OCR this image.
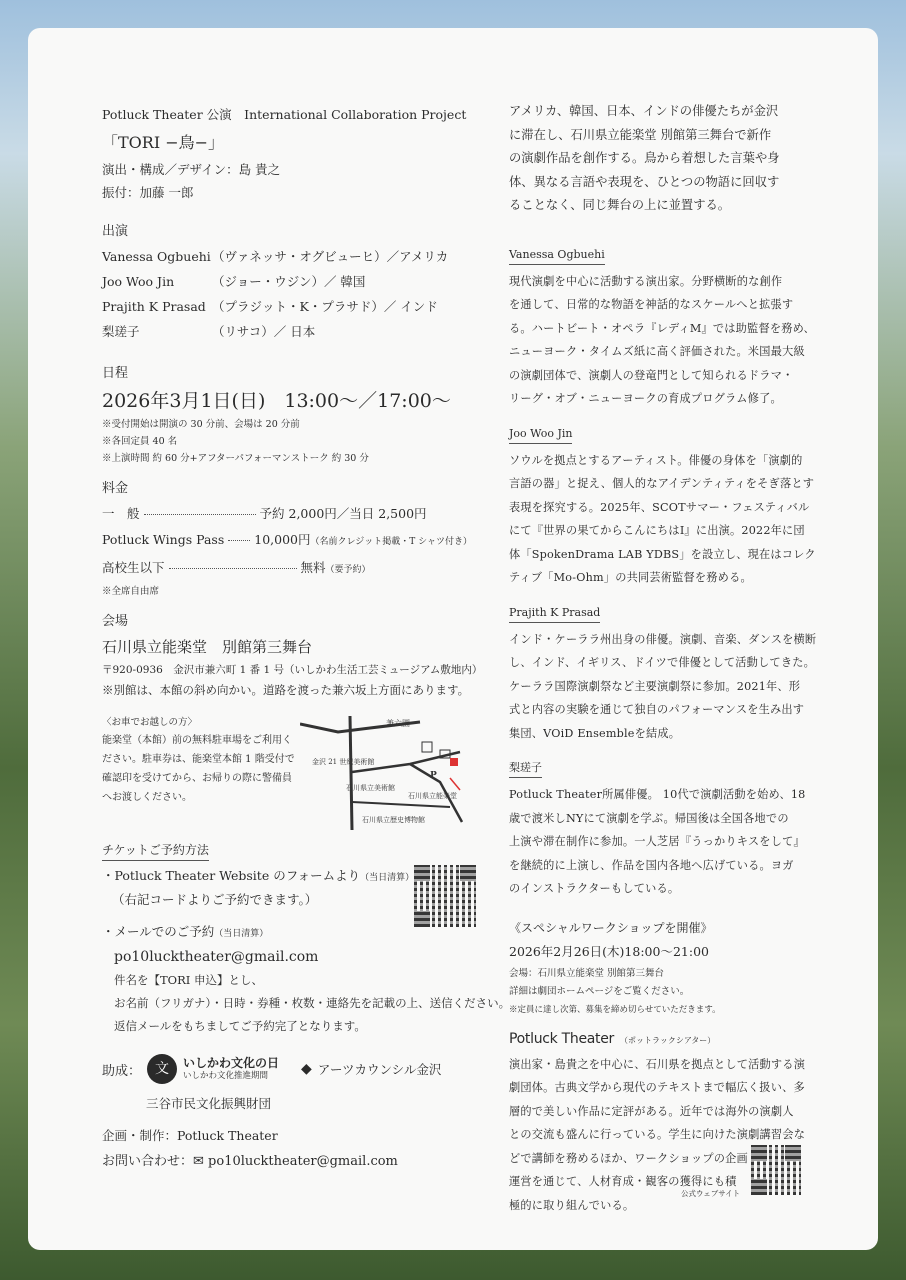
Potluck Theater 公演　International Collaboration Project

「TORI −鳥−」

演出・構成／デザイン：島 貴之

振付：加藤 一郎

出演

Vanessa Ogbuehi （ヴァネッサ・オグビューヒ）／アメリカ
Joo Woo Jin	（ジョー・ウジン）／ 韓国
Prajith K Prasad （プラジット・K・プラサド）／ インド
梨瑳子	（リサコ）／ 日本

日程

2026年3月1日(日)　13:00〜／17:00〜

※受付開始は開演の 30 分前、会場は 20 分前

※各回定員 40 名

※上演時間 約 60 分+アフターパフォーマンストーク 約 30 分

料金

一　般	予約 2,000円／当日 2,500円
Potluck Wings Pass 10,000円 （名前クレジット掲載・T シャツ付き）
高校生以下	無料 （要予約）

※全席自由席

会場

石川県立能楽堂　別館第三舞台

〒920-0936　金沢市兼六町 1 番 1 号（いしかわ生活工芸ミュージアム敷地内）

※別館は、本館の斜め向かい。道路を渡った兼六坂上方面にあります。

〈お車でお越しの方〉

能楽堂（本館）前の無料駐車場をご利用く

ださい。駐車券は、能楽堂本館 1 階受付で

確認印を受けてから、お帰りの際に警備員

へお渡しください。

兼六園
金沢 21 世紀美術館
石川県立美術館
石川県立能楽堂
石川県立歴史博物館
P
チケットご予約方法

・Potluck Theater Website のフォームより（当日清算）

（右記コードよりご予約できます。）

・メールでのご予約（当日清算）

po10lucktheater@gmail.com

件名を【TORI 申込】とし、

お名前（フリガナ）・日時・券種・枚数・連絡先を記載の上、送信ください。

返信メールをもちましてご予約完了となります。

助成：	文	いしかわ文化の日
いしかわ文化推進期間	◆ アーツカウンシル金沢

三谷市民文化振興財団

企画・制作：Potluck Theater

お問い合わせ：✉ po10lucktheater@gmail.com

アメリカ、韓国、日本、インドの俳優たちが金沢

に滞在し、石川県立能楽堂 別館第三舞台で新作

の演劇作品を創作する。鳥から着想した言葉や身

体、異なる言語や表現を、ひとつの物語に回収す

ることなく、同じ舞台の上に並置する。

Vanessa Ogbuehi

現代演劇を中心に活動する演出家。分野横断的な創作

を通して、日常的な物語を神話的なスケールへと拡張す

る。ハートビート・オペラ『レディM』では助監督を務め、

ニューヨーク・タイムズ紙に高く評価された。米国最大級

の演劇団体で、演劇人の登竜門として知られるドラマ・

リーグ・オブ・ニューヨークの育成プログラム修了。

Joo Woo Jin

ソウルを拠点とするアーティスト。俳優の身体を「演劇的

言語の器」と捉え、個人的なアイデンティティをそぎ落とす

表現を探究する。2025年、SCOTサマー・フェスティバル

にて『世界の果てからこんにちはⅠ』に出演。2022年に団

体「SpokenDrama LAB YDBS」を設立し、現在はコレク

ティブ「Mo-Ohm」の共同芸術監督を務める。

Prajith K Prasad

インド・ケーララ州出身の俳優。演劇、音楽、ダンスを横断

し、インド、イギリス、ドイツで俳優として活動してきた。

ケーララ国際演劇祭など主要演劇祭に参加。2021年、形

式と内容の実験を通じて独自のパフォーマンスを生み出す

集団、VOiD Ensembleを結成。

梨瑳子

Potluck Theater所属俳優。 10代で演劇活動を始め、18

歳で渡米しNYにて演劇を学ぶ。帰国後は全国各地での

上演や滞在制作に参加。一人芝居『うっかりキスをして』

を継続的に上演し、作品を国内各地へ広げている。ヨガ

のインストラクターもしている。

《スペシャルワークショップを開催》

2026年2月26日(木)18:00〜21:00

会場：石川県立能楽堂 別館第三舞台

詳細は劇団ホームページをご覧ください。

※定員に達し次第、募集を締め切らせていただきます。

Potluck Theater （ポットラックシアター）

演出家・島貴之を中心に、石川県を拠点として活動する演

劇団体。古典文学から現代のテキストまで幅広く扱い、多

層的で美しい作品に定評がある。近年では海外の演劇人

との交流も盛んに行っている。学生に向けた演劇講習会な

どで講師を務めるほか、ワークショップの企画

運営を通じて、人材育成・観客の獲得にも積

極的に取り組んでいる。

公式ウェブサイト
